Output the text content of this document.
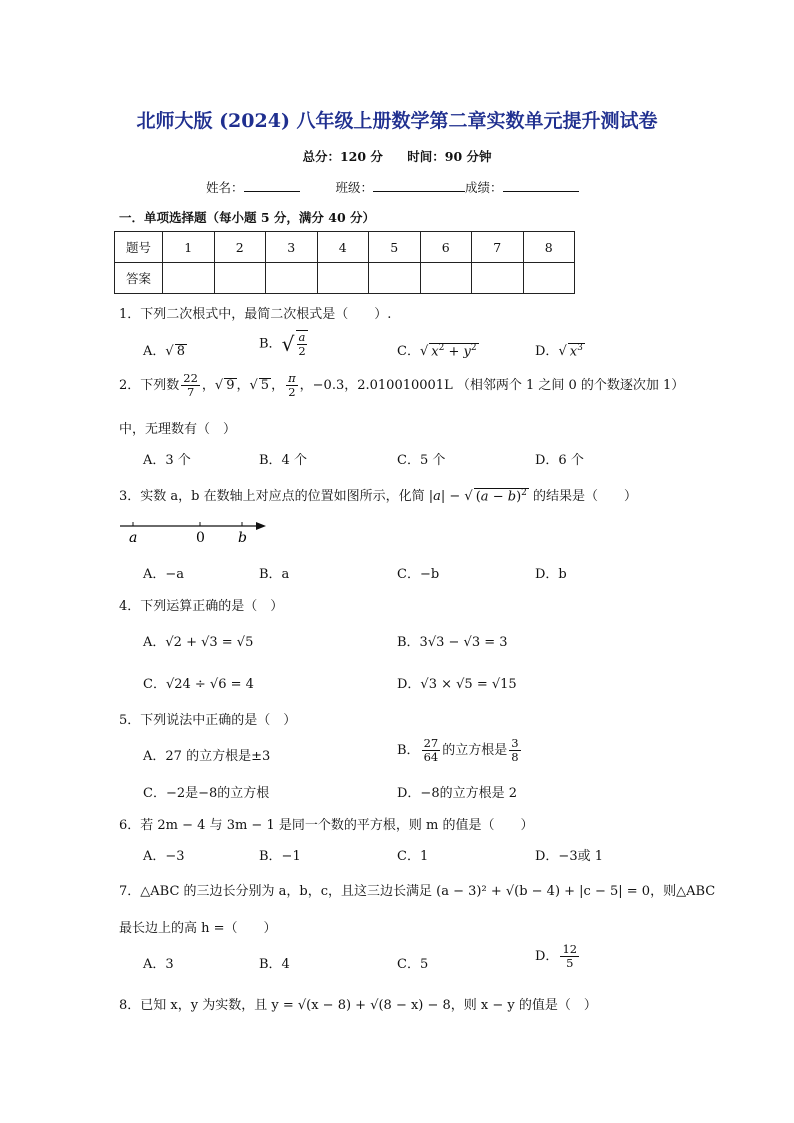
北师大版 (2024) 八年级上册数学第二章实数单元提升测试卷
总分：120 分 时间：90 分钟
姓名：	班级：	成绩：
一．单项选择题（每小题 5 分，满分 40 分）
题号	1	2	3	4	5	6	7	8
答案								
1．下列二次根式中，最简二次根式是（　　）.
A．√ 8	B．√ $\frac{a}{2}$	C．√ $x^2 + y^2$	D．√ $x^3$
2．下列数 $\frac{22}{7}$ ，√ 9 ，√ 5 ， $\frac{\pi}{2}$ ，−0.3，2.010010001L （相邻两个 1 之间 0 的个数逐次加 1）
中，无理数有（　）
A．3 个	B．4 个	C．5 个	D．6 个
3．实数 a，b 在数轴上对应点的位置如图所示，化简 |a| − √ $(a - b)^2$ 的结果是（　　）
a	0 b
A．−a	B．a	C．−b	D．b
4．下列运算正确的是（　）
A．√2 + √3 = √5	B．3√3 − √3 = 3
C．√24 ÷ √6 = 4	D．√3 × √5 = √15
5．下列说法中正确的是（　）
A．27 的立方根是±3	B． $\frac{27}{64}$ 的立方根是 $\frac{3}{8}$
C．−2是−8的立方根	D．−8的立方根是 2
6．若 2m − 4 与 3m − 1 是同一个数的平方根，则 m 的值是（　　）
A．−3	B．−1	C．1	D．−3或 1
7．△ABC 的三边长分别为 a，b，c，且这三边长满足 (a − 3)² + √(b − 4) + |c − 5| = 0，则△ABC
最长边上的高 h =（　　）
A．3	B．4	C．5
D． $\frac{12}{5}$
8．已知 x，y 为实数，且 y = √(x − 8) + √(8 − x) − 8，则 x − y 的值是（　）
